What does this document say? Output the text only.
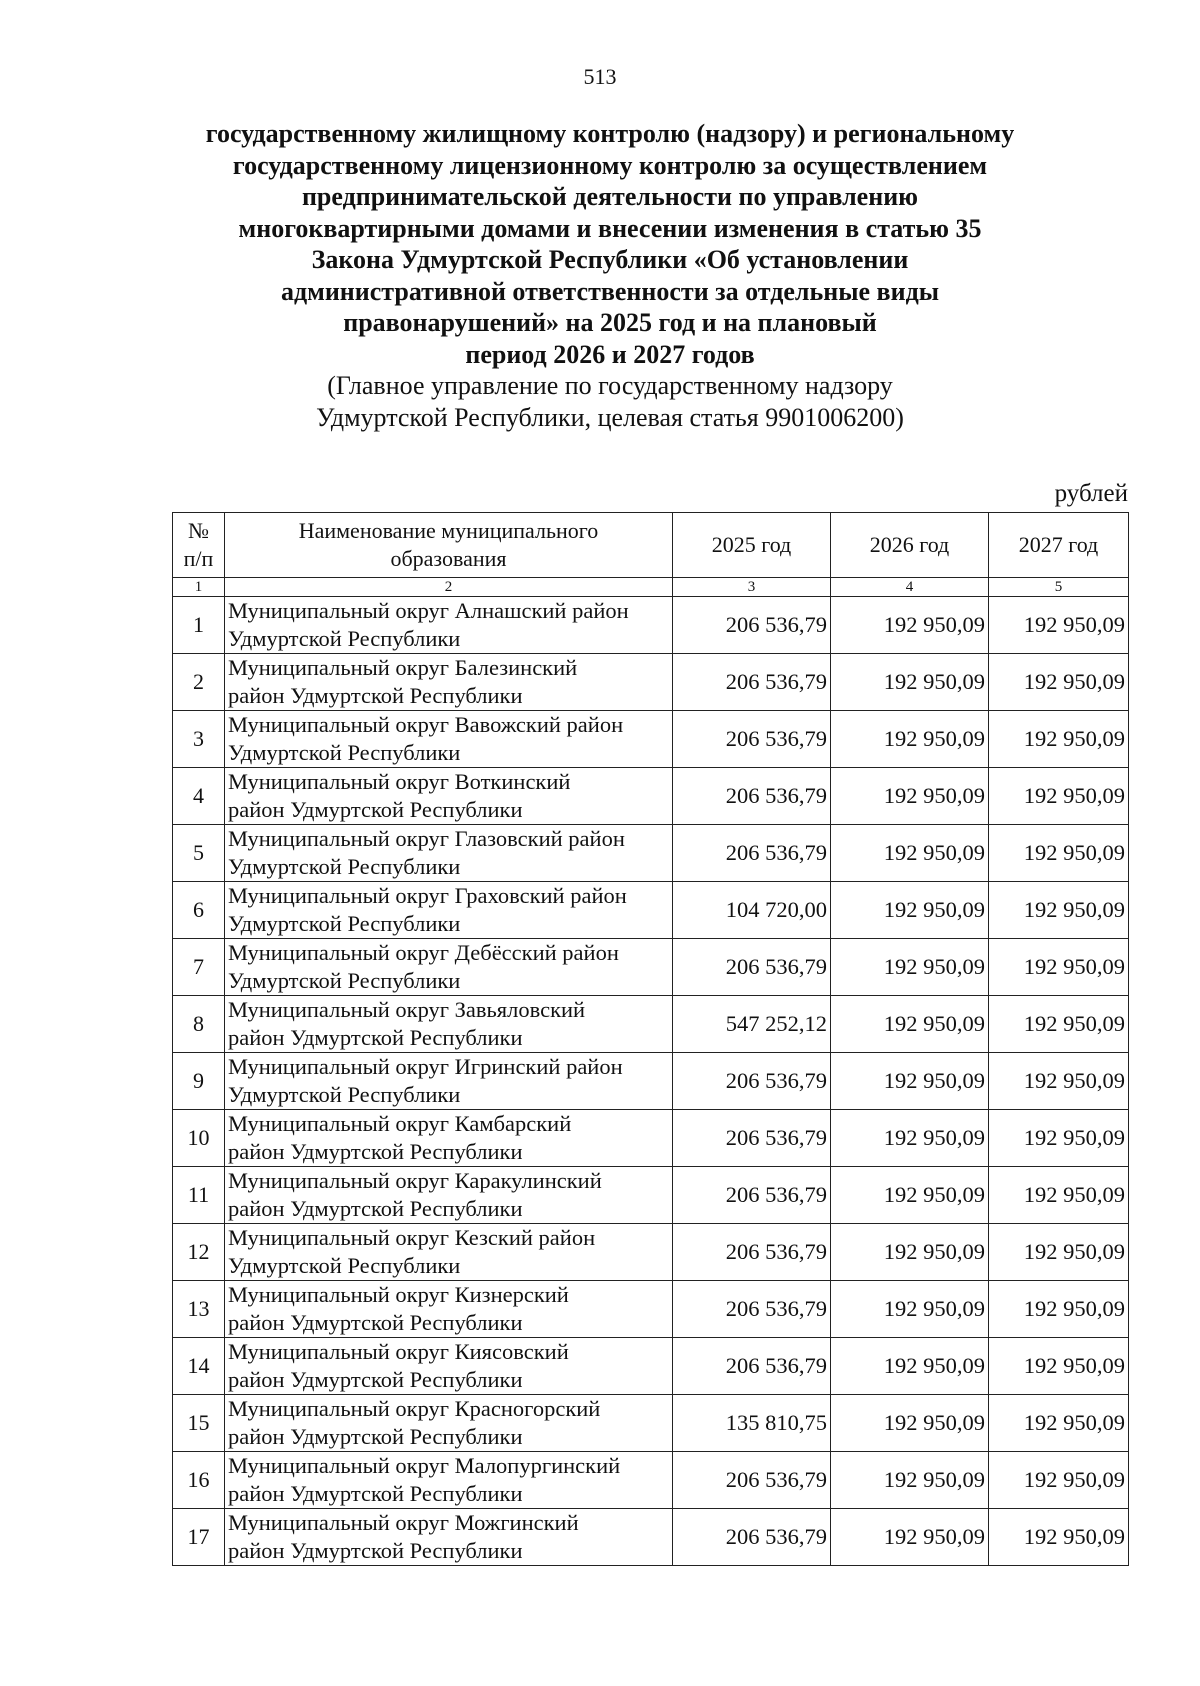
513
государственному жилищному контролю (надзору) и региональному
государственному лицензионному контролю за осуществлением
предпринимательской деятельности по управлению
многоквартирными домами и внесении изменения в статью 35
Закона Удмуртской Республики «Об установлении
административной ответственности за отдельные виды
правонарушений» на 2025 год и на плановый
период 2026 и 2027 годов
(Главное управление по государственному надзору
Удмуртской Республики, целевая статья 9901006200)
рублей
№
п/п	Наименование муниципального
образования	2025 год	2026 год	2027 год
1	2	3	4	5
1	Муниципальный округ Алнашский район
Удмуртской Республики	206 536,79	192 950,09	192 950,09
2	Муниципальный округ Балезинский
район Удмуртской Республики	206 536,79	192 950,09	192 950,09
3	Муниципальный округ Вавожский район
Удмуртской Республики	206 536,79	192 950,09	192 950,09
4	Муниципальный округ Воткинский
район Удмуртской Республики	206 536,79	192 950,09	192 950,09
5	Муниципальный округ Глазовский район
Удмуртской Республики	206 536,79	192 950,09	192 950,09
6	Муниципальный округ Граховский район
Удмуртской Республики	104 720,00	192 950,09	192 950,09
7	Муниципальный округ Дебёсский район
Удмуртской Республики	206 536,79	192 950,09	192 950,09
8	Муниципальный округ Завьяловский
район Удмуртской Республики	547 252,12	192 950,09	192 950,09
9	Муниципальный округ Игринский район
Удмуртской Республики	206 536,79	192 950,09	192 950,09
10	Муниципальный округ Камбарский
район Удмуртской Республики	206 536,79	192 950,09	192 950,09
11	Муниципальный округ Каракулинский
район Удмуртской Республики	206 536,79	192 950,09	192 950,09
12	Муниципальный округ Кезский район
Удмуртской Республики	206 536,79	192 950,09	192 950,09
13	Муниципальный округ Кизнерский
район Удмуртской Республики	206 536,79	192 950,09	192 950,09
14	Муниципальный округ Киясовский
район Удмуртской Республики	206 536,79	192 950,09	192 950,09
15	Муниципальный округ Красногорский
район Удмуртской Республики	135 810,75	192 950,09	192 950,09
16	Муниципальный округ Малопургинский
район Удмуртской Республики	206 536,79	192 950,09	192 950,09
17	Муниципальный округ Можгинский
район Удмуртской Республики	206 536,79	192 950,09	192 950,09
